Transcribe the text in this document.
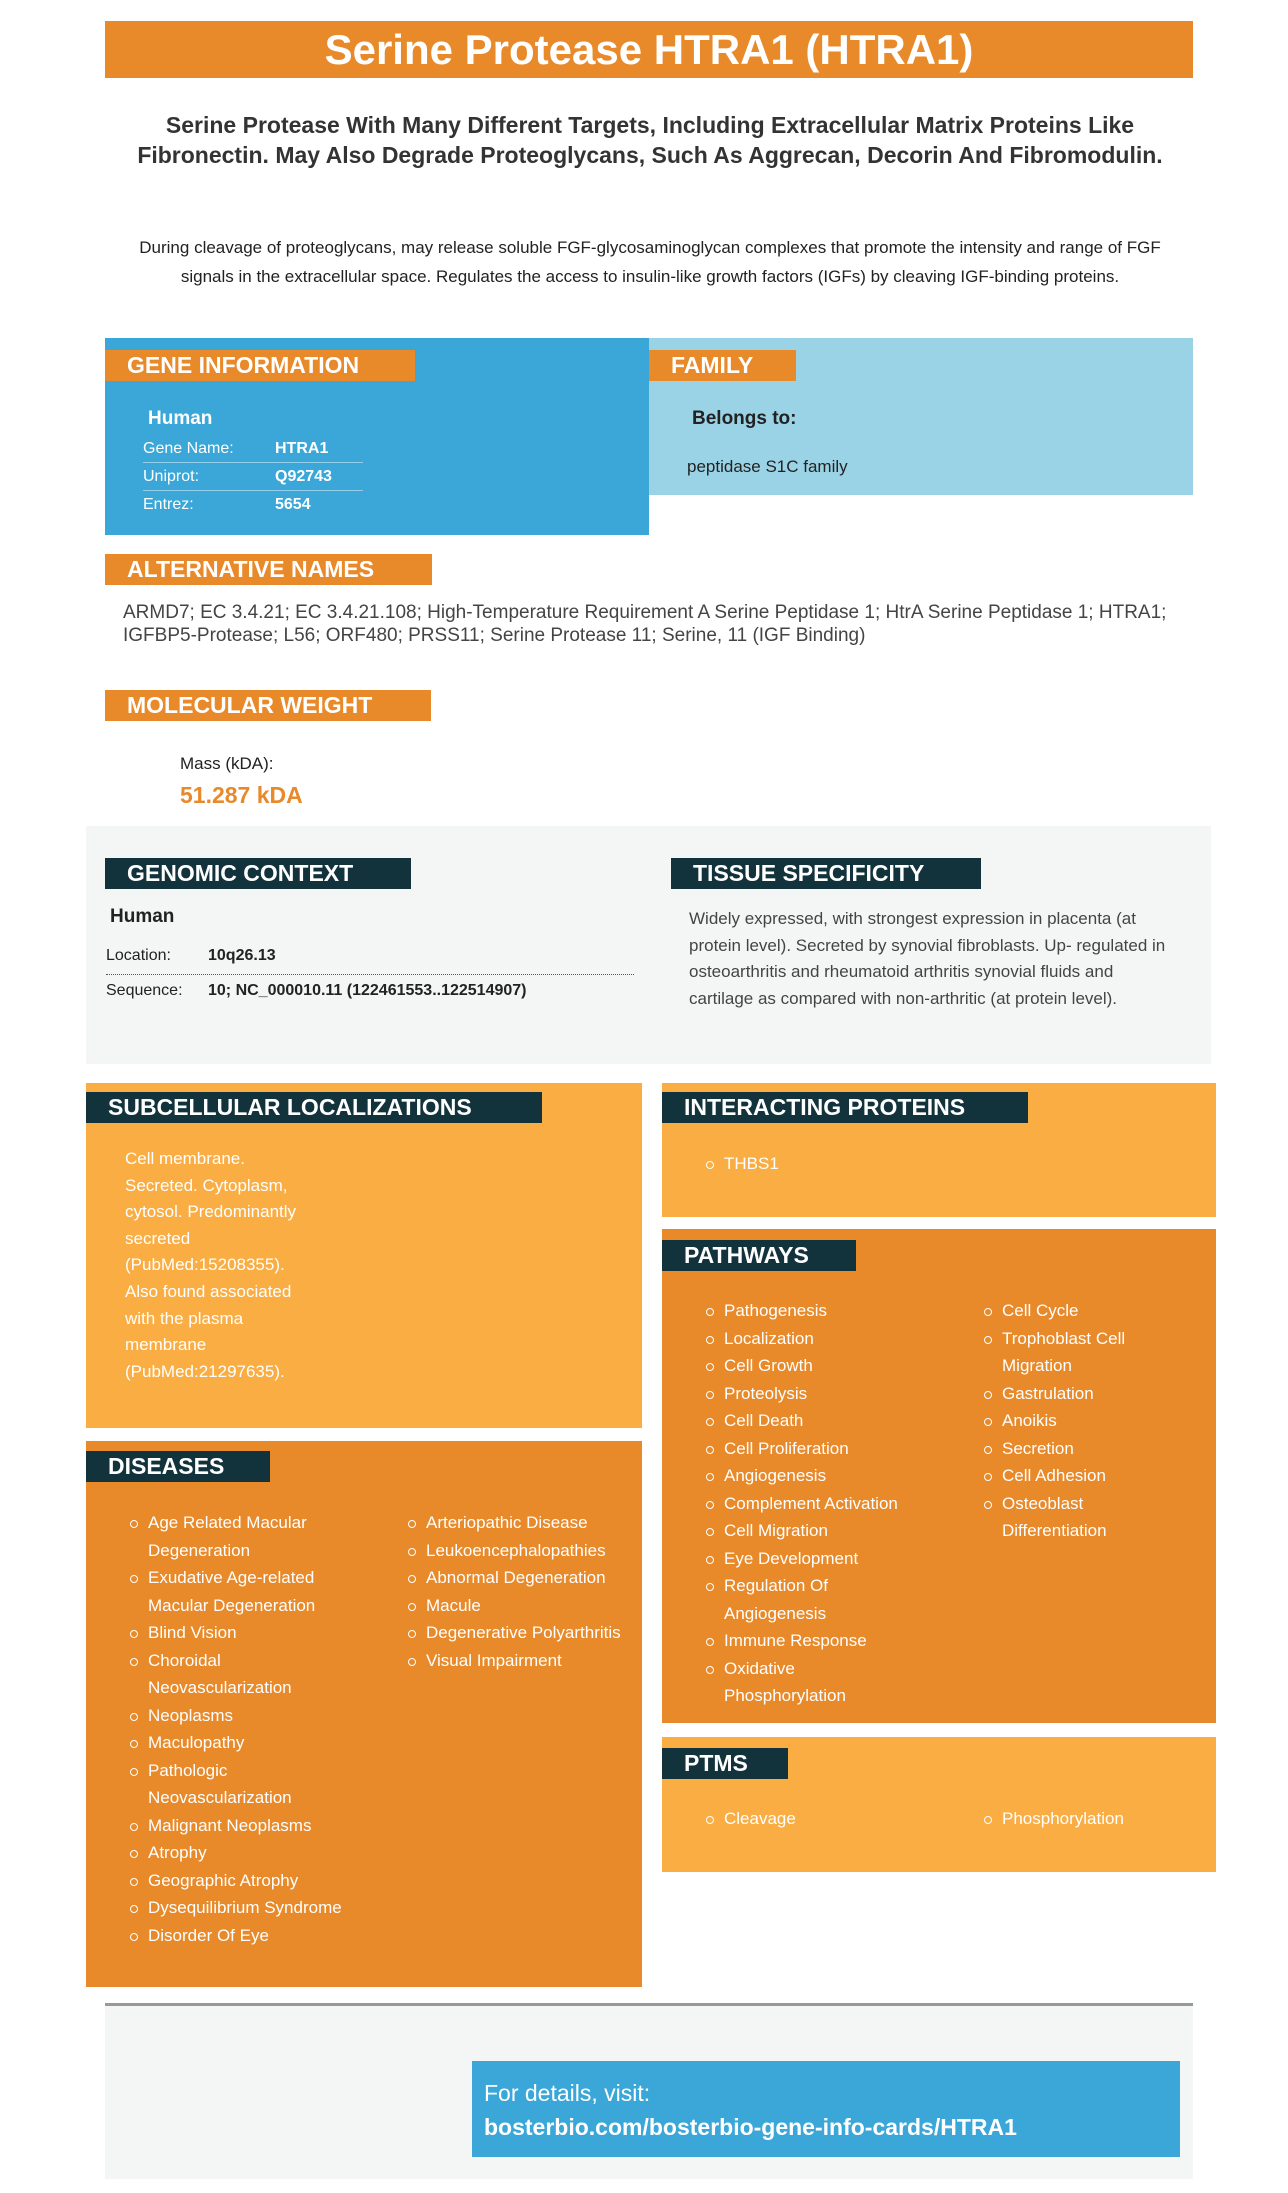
Serine Protease HTRA1 (HTRA1)
Serine Protease With Many Different Targets, Including Extracellular Matrix Proteins Like Fibronectin. May Also Degrade Proteoglycans, Such As Aggrecan, Decorin And Fibromodulin.
During cleavage of proteoglycans, may release soluble FGF-glycosaminoglycan complexes that promote the intensity and range of FGF signals in the extracellular space. Regulates the access to insulin-like growth factors (IGFs) by cleaving IGF-binding proteins.
GENE INFORMATION
Human
Gene Name:	HTRA1
Uniprot:	Q92743
Entrez:	5654
FAMILY
Belongs to:
peptidase S1C family
ALTERNATIVE NAMES
ARMD7; EC 3.4.21; EC 3.4.21.108; High-Temperature Requirement A Serine Peptidase 1; HtrA Serine Peptidase 1; HTRA1; IGFBP5-Protease; L56; ORF480; PRSS11; Serine Protease 11; Serine, 11 (IGF Binding)
MOLECULAR WEIGHT
Mass (kDA):
51.287 kDA
GENOMIC CONTEXT
Human
Location:	10q26.13
Sequence:	10; NC_000010.11 (122461553..122514907)
TISSUE SPECIFICITY
Widely expressed, with strongest expression in placenta (at protein level). Secreted by synovial fibroblasts. Up- regulated in osteoarthritis and rheumatoid arthritis synovial fluids and cartilage as compared with non-arthritic (at protein level).
SUBCELLULAR LOCALIZATIONS
Cell membrane.
Secreted. Cytoplasm,
cytosol. Predominantly
secreted
(PubMed:15208355).
Also found associated
with the plasma
membrane
(PubMed:21297635).
DISEASES
Age Related Macular Degeneration
Exudative Age-related Macular Degeneration
Blind Vision
Choroidal Neovascularization
Neoplasms
Maculopathy
Pathologic Neovascularization
Malignant Neoplasms
Atrophy
Geographic Atrophy
Dysequilibrium Syndrome
Disorder Of Eye
Arteriopathic Disease
Leukoencephalopathies
Abnormal Degeneration
Macule
Degenerative Polyarthritis
Visual Impairment
INTERACTING PROTEINS
THBS1
PATHWAYS
Pathogenesis
Localization
Cell Growth
Proteolysis
Cell Death
Cell Proliferation
Angiogenesis
Complement Activation
Cell Migration
Eye Development
Regulation Of Angiogenesis
Immune Response
Oxidative Phosphorylation
Cell Cycle
Trophoblast Cell Migration
Gastrulation
Anoikis
Secretion
Cell Adhesion
Osteoblast Differentiation
PTMS
Cleavage	Phosphorylation
For details, visit:
bosterbio.com/bosterbio-gene-info-cards/HTRA1
